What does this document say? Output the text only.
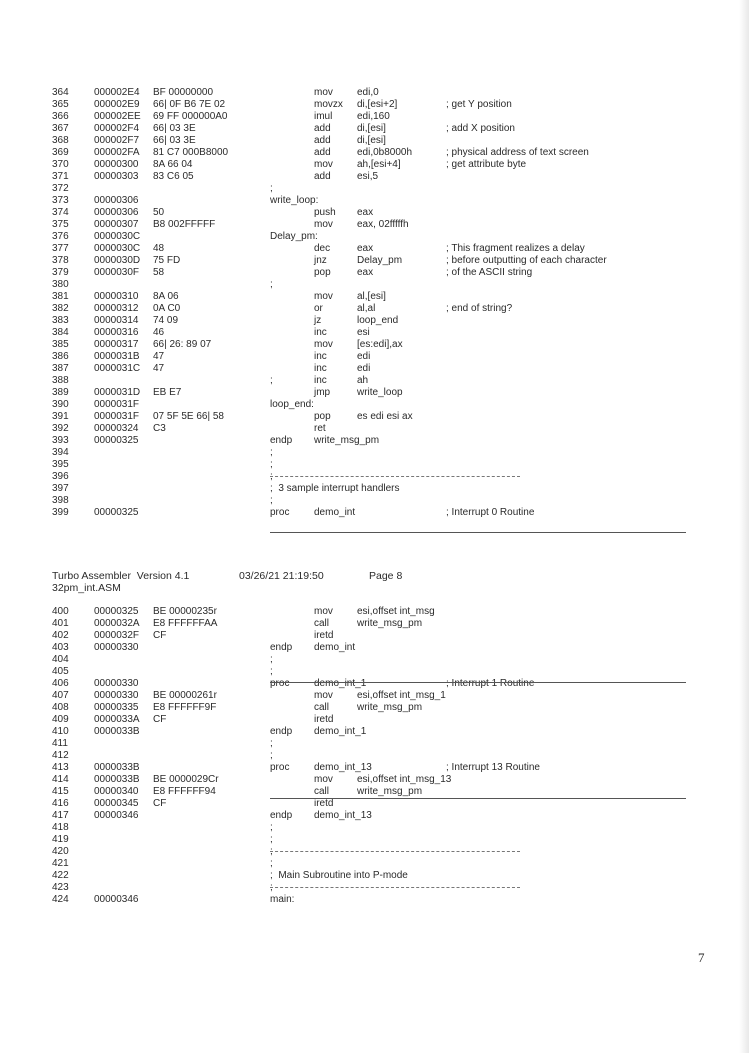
364	000002E4 BF 00000000	mov edi,0
365	000002E9 66| 0F B6 7E 02	movzx di,[esi+2]	; get Y position
366	000002EE 69 FF 000000A0	imul edi,160
367	000002F4 66| 03 3E	add	di,[esi]	; add X position
368	000002F7 66| 03 3E	add	di,[esi]
369	000002FA 81 C7 000B8000	add	edi,0b8000h	; physical address of text screen
370	00000300 8A 66 04	mov ah,[esi+4]	; get attribute byte
371	00000303 83 C6 05	add	esi,5
372	;
373	00000306	write_loop:
374	00000306 50	push eax
375	00000307 B8 002FFFFF	mov eax, 02fffffh
376	0000030C	Delay_pm:
377	0000030C 48	dec	eax	; This fragment realizes a delay
378	0000030D 75 FD	jnz	Delay_pm	; before outputting of each character
379	0000030F 58	pop	eax	; of the ASCII string
380	;
381	00000310 8A 06	mov al,[esi]
382	00000312 0A C0	or	al,al	; end of string?
383	00000314 74 09	jz	loop_end
384	00000316 46	inc	esi
385	00000317 66| 26: 89 07	mov [es:edi],ax
386	0000031B 47	inc	edi
387	0000031C 47	inc	edi
388	;	inc	ah
389	0000031D EB E7	jmp	write_loop
390	0000031F	loop_end:
391	0000031F 07 5F 5E 66| 58	pop	es edi esi ax
392	00000324 C3	ret
393	00000325	endp write_msg_pm
394	;
395	;
396	;
397	;  3 sample interrupt handlers
398	;
399	00000325	proc demo_int	; Interrupt 0 Routine
Turbo Assembler  Version 4.1	03/26/21 21:19:50	Page 8
32pm_int.ASM
400	00000325 BE 00000235r	mov esi,offset int_msg
401	0000032A E8 FFFFFFAA	call	write_msg_pm
402	0000032F CF	iretd
403	00000330	endp demo_int
404	;
405	;
406	00000330	proc demo_int_1	; Interrupt 1 Routine
407	00000330 BE 00000261r	mov esi,offset int_msg_1
408	00000335 E8 FFFFFF9F	call	write_msg_pm
409	0000033A CF	iretd
410	0000033B	endp demo_int_1
411	;
412	;
413	0000033B	proc demo_int_13	; Interrupt 13 Routine
414	0000033B BE 0000029Cr	mov esi,offset int_msg_13
415	00000340 E8 FFFFFF94	call	write_msg_pm
416	00000345 CF	iretd
417	00000346	endp demo_int_13
418	;
419	;
420	;
421	;
422	;  Main Subroutine into P-mode
423	;
424	00000346	main:
7
